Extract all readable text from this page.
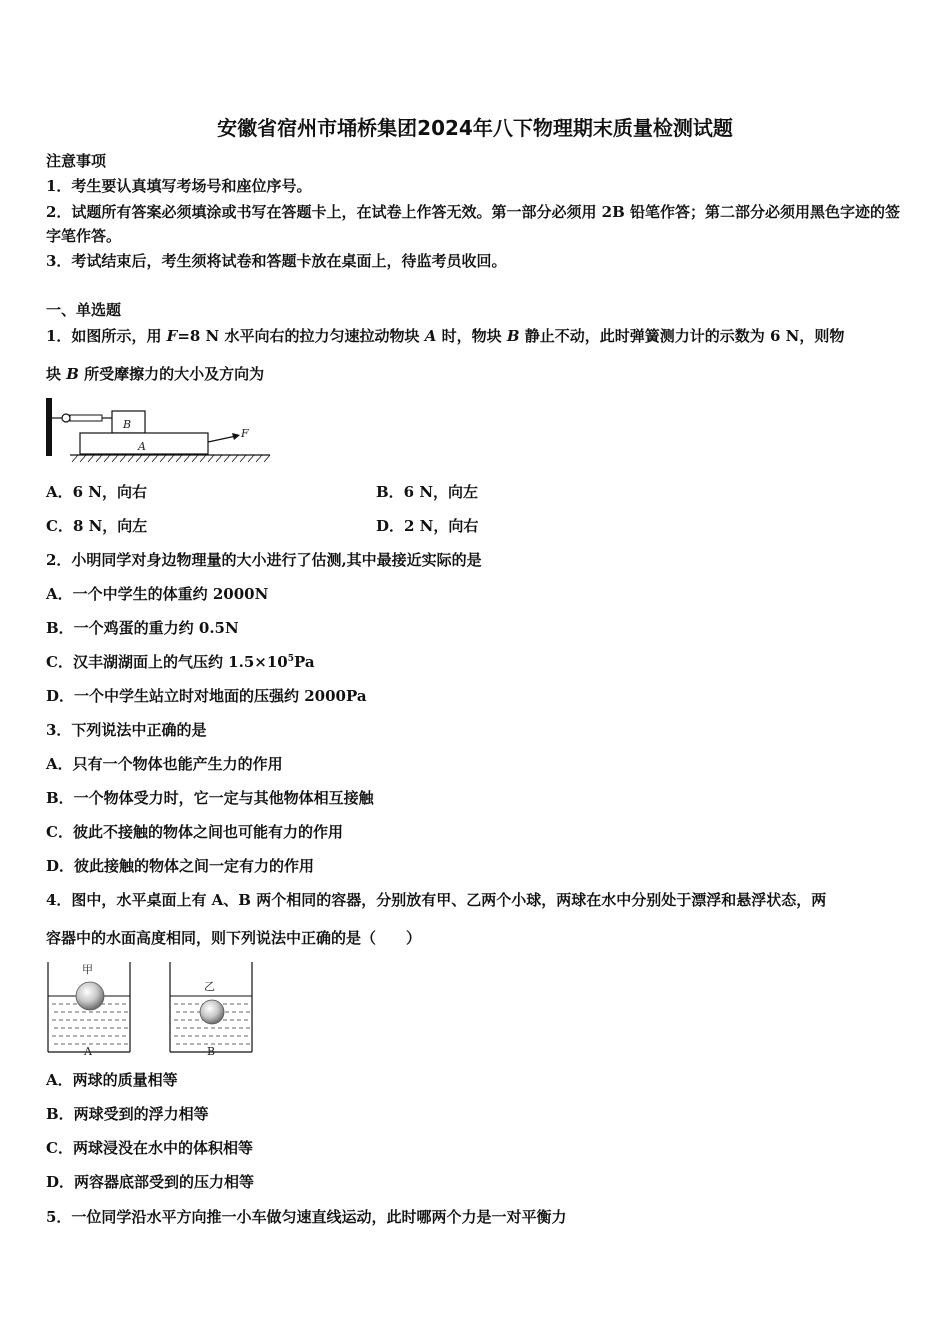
安徽省宿州市埇桥集团2024年八下物理期末质量检测试题
注意事项
1．考生要认真填写考场号和座位序号。
2．试题所有答案必须填涂或书写在答题卡上，在试卷上作答无效。第一部分必须用 2B 铅笔作答；第二部分必须用黑色字迹的签字笔作答。
3．考试结束后，考生须将试卷和答题卡放在桌面上，待监考员收回。
一、单选题
1．如图所示，用 F=8 N 水平向右的拉力匀速拉动物块 A 时，物块 B 静止不动，此时弹簧测力计的示数为 6 N，则物
块 B 所受摩擦力的大小及方向为
B
A
F
A．6 N，向右	B．6 N，向左
C．8 N，向左	D．2 N，向右
2．小明同学对身边物理量的大小进行了估测,其中最接近实际的是
A．一个中学生的体重约 2000N
B．一个鸡蛋的重力约 0.5N
C．汉丰湖湖面上的气压约 $1.5\times 10^5Pa$
D．一个中学生站立时对地面的压强约 2000Pa
3．下列说法中正确的是
A．只有一个物体也能产生力的作用
B．一个物体受力时，它一定与其他物体相互接触
C．彼此不接触的物体之间也可能有力的作用
D．彼此接触的物体之间一定有力的作用
4．图中，水平桌面上有 A、B 两个相同的容器，分别放有甲、乙两个小球，两球在水中分别处于漂浮和悬浮状态，两
容器中的水面高度相同，则下列说法中正确的是（　　）
甲
A
乙
B
A．两球的质量相等
B．两球受到的浮力相等
C．两球浸没在水中的体积相等
D．两容器底部受到的压力相等
5．一位同学沿水平方向推一小车做匀速直线运动，此时哪两个力是一对平衡力
